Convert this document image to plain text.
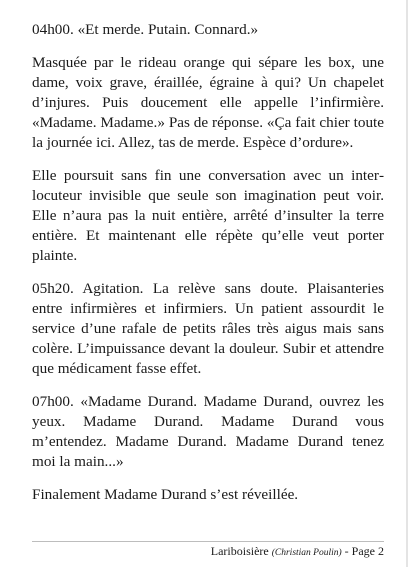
04h00. «Et merde. Putain. Connard.»

Masquée par le rideau orange qui sépare les box, une dame, voix grave, éraillée, égraine à qui? Un chapelet d’injures. Puis doucement elle appelle l’infirmière. «Madame. Madame.» Pas de réponse. «Ça fait chier toute la journée ici. Allez, tas de merde. Espèce d’ordure».

Elle poursuit sans fin une conversation avec un interlocuteur invisible que seule son imagination peut voir. Elle n’aura pas la nuit entière, arrêté d’insulter la terre entière. Et maintenant elle répète qu’elle veut porter plainte.

05h20. Agitation. La relève sans doute. Plaisanteries entre infirmières et infirmiers. Un patient assourdit le service d’une rafale de petits râles très aigus mais sans colère. L’impuissance devant la douleur. Subir et attendre que médicament fasse effet.

07h00. «Madame Durand. Madame Durand, ouvrez les yeux. Madame Durand. Madame Durand vous m’entendez. Madame Durand. Madame Durand tenez moi la main...»

Finalement Madame Durand s’est réveillée.

Lariboisière (Christian Poulin) - Page 2
